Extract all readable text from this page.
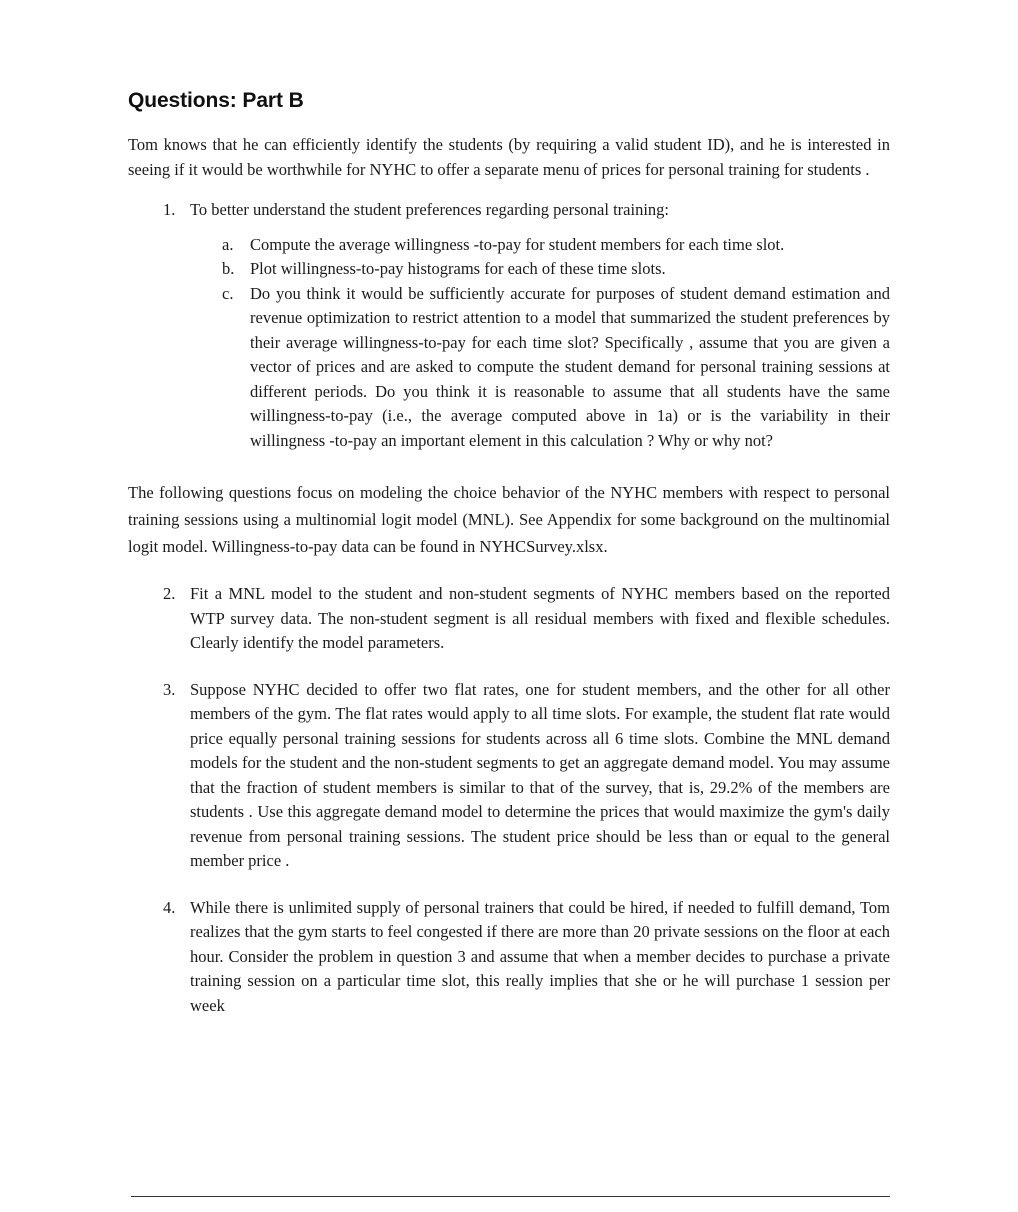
Questions: Part B

Tom knows that he can efficiently identify the students (by requiring a valid student ID), and he is interested in seeing if it would be worthwhile for NYHC to offer a separate menu of prices for personal training for students .

1. To better understand the student preferences regarding personal training:
a.	Compute the average willingness -to-pay for student members for each time slot.
b. Plot willingness-to-pay histograms for each of these time slots.
c.	Do you think it would be sufficiently accurate for purposes of student demand estimation and revenue optimization to restrict attention to a model that summarized the student preferences by their average willingness-to-pay for each time slot? Specifically , assume that you are given a vector of prices and are asked to compute the student demand for personal training sessions at different periods. Do you think it is reasonable to assume that all students have the same willingness-to-pay (i.e., the average computed above in 1a) or is the variability in their willingness -to-pay an important element in this calculation ? Why or why not?

The following questions focus on modeling the choice behavior of the NYHC members with respect to personal training sessions using a multinomial logit model (MNL). See Appendix for some background on the multinomial logit model. Willingness-to-pay data can be found in NYHCSurvey.xlsx.

2. Fit a MNL model to the student and non-student segments of NYHC members based on the reported WTP survey data. The non-student segment is all residual members with fixed and flexible schedules. Clearly identify the model parameters.
3. Suppose NYHC decided to offer two flat rates, one for student members, and the other for all other members of the gym. The flat rates would apply to all time slots. For example, the student flat rate would price equally personal training sessions for students across all 6 time slots. Combine the MNL demand models for the student and the non-student segments to get an aggregate demand model. You may assume that the fraction of student members is similar to that of the survey, that is, 29.2% of the members are students . Use this aggregate demand model to determine the prices that would maximize the gym's daily revenue from personal training sessions. The student price should be less than or equal to the general member price .
4. While there is unlimited supply of personal trainers that could be hired, if needed to fulfill demand, Tom realizes that the gym starts to feel congested if there are more than 20 private sessions on the floor at each hour. Consider the problem in question 3 and assume that when a member decides to purchase a private training session on a particular time slot, this really implies that she or he will purchase 1 session per week
